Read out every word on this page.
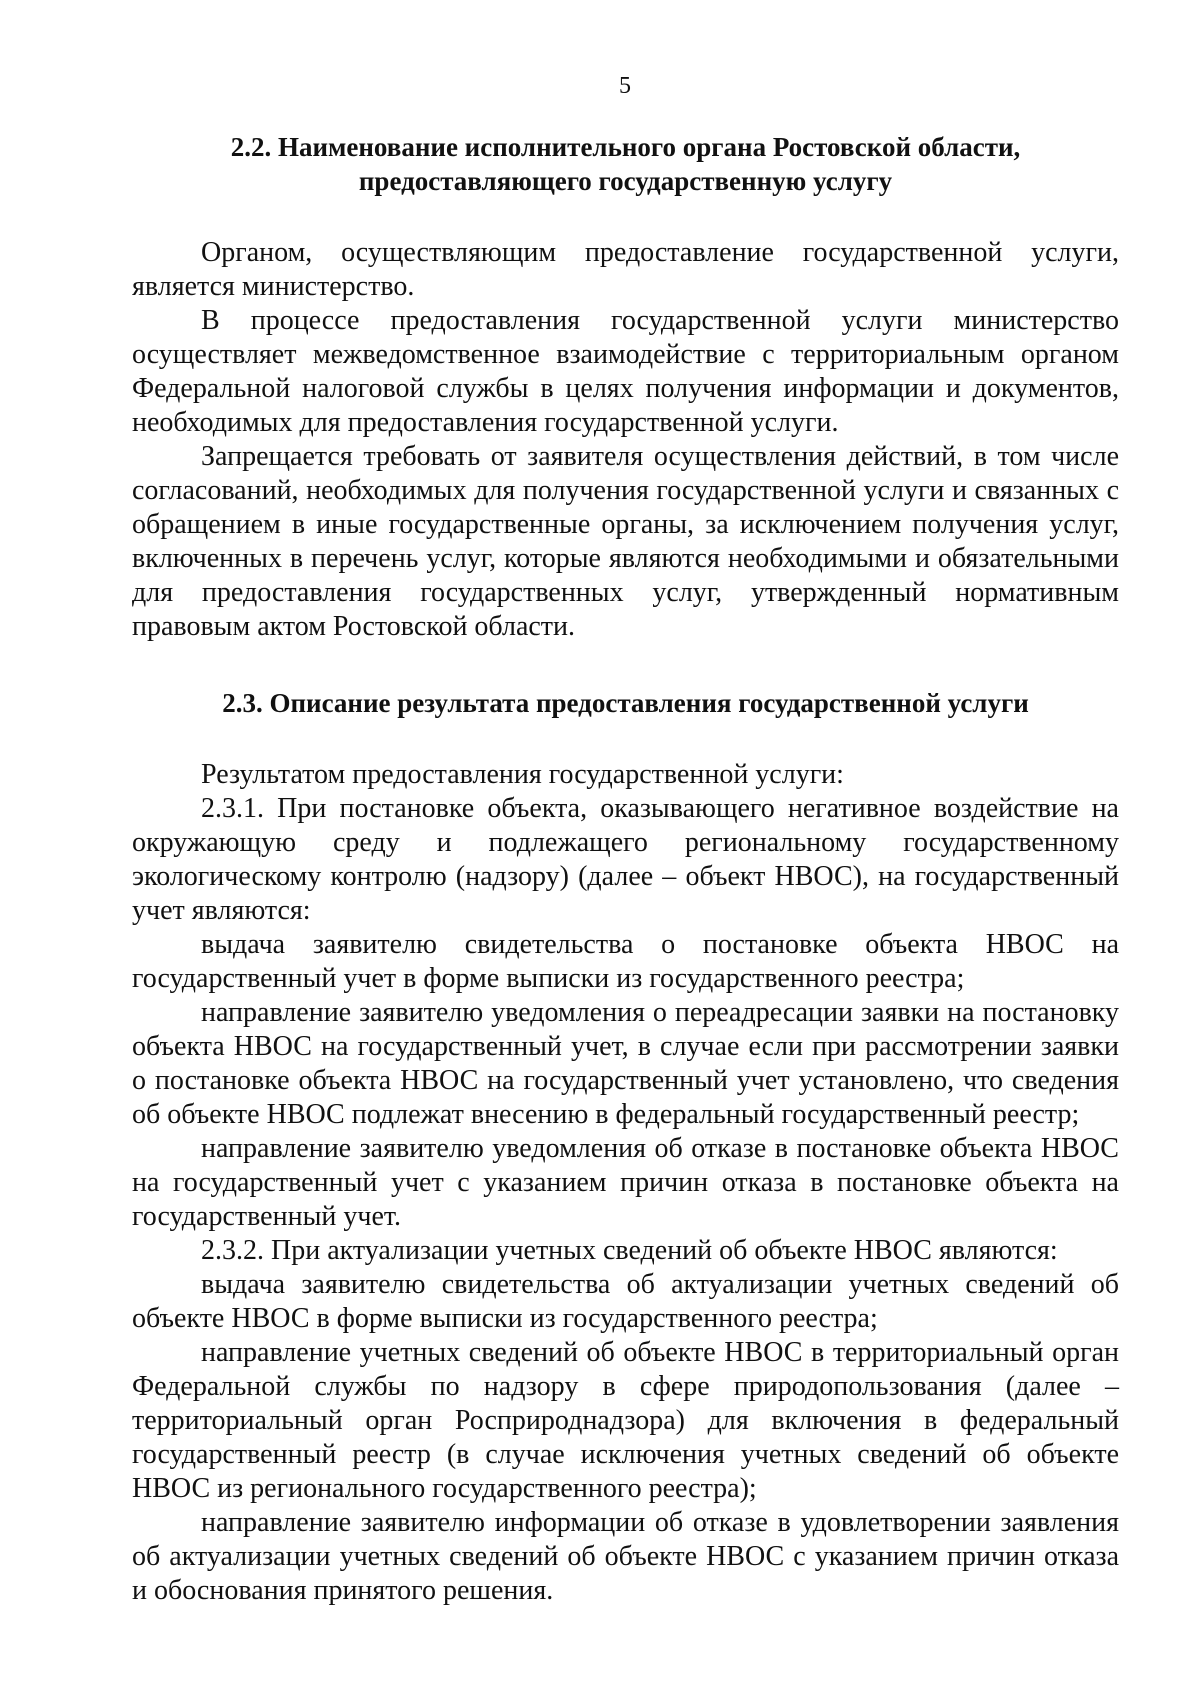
5
2.2. Наименование исполнительного органа Ростовской области,
предоставляющего государственную услугу

Органом, осуществляющим предоставление государственной услуги, является министерство.

В процессе предоставления государственной услуги министерство осуществляет межведомственное взаимодействие с территориальным органом Федеральной налоговой службы в целях получения информации и документов, необходимых для предоставления государственной услуги.

Запрещается требовать от заявителя осуществления действий, в том числе согласований, необходимых для получения государственной услуги и связанных с обращением в иные государственные органы, за исключением получения услуг, включенных в перечень услуг, которые являются необходимыми и обязательными для предоставления государственных услуг, утвержденный нормативным правовым актом Ростовской области.

2.3. Описание результата предоставления государственной услуги

Результатом предоставления государственной услуги:

2.3.1. При постановке объекта, оказывающего негативное воздействие на окружающую среду и подлежащего региональному государственному экологическому контролю (надзору) (далее – объект НВОС), на государственный учет являются:

выдача заявителю свидетельства о постановке объекта НВОС на государственный учет в форме выписки из государственного реестра;

направление заявителю уведомления о переадресации заявки на постановку объекта НВОС на государственный учет, в случае если при рассмотрении заявки о постановке объекта НВОС на государственный учет установлено, что сведения об объекте НВОС подлежат внесению в федеральный государственный реестр;

направление заявителю уведомления об отказе в постановке объекта НВОС на государственный учет с указанием причин отказа в постановке объекта на государственный учет.

2.3.2. При актуализации учетных сведений об объекте НВОС являются:

выдача заявителю свидетельства об актуализации учетных сведений об объекте НВОС в форме выписки из государственного реестра;

направление учетных сведений об объекте НВОС в территориальный орган Федеральной службы по надзору в сфере природопользования (далее – территориальный орган Росприроднадзора) для включения в федеральный государственный реестр (в случае исключения учетных сведений об объекте НВОС из регионального государственного реестра);

направление заявителю информации об отказе в удовлетворении заявления об актуализации учетных сведений об объекте НВОС с указанием причин отказа и обоснования принятого решения.
